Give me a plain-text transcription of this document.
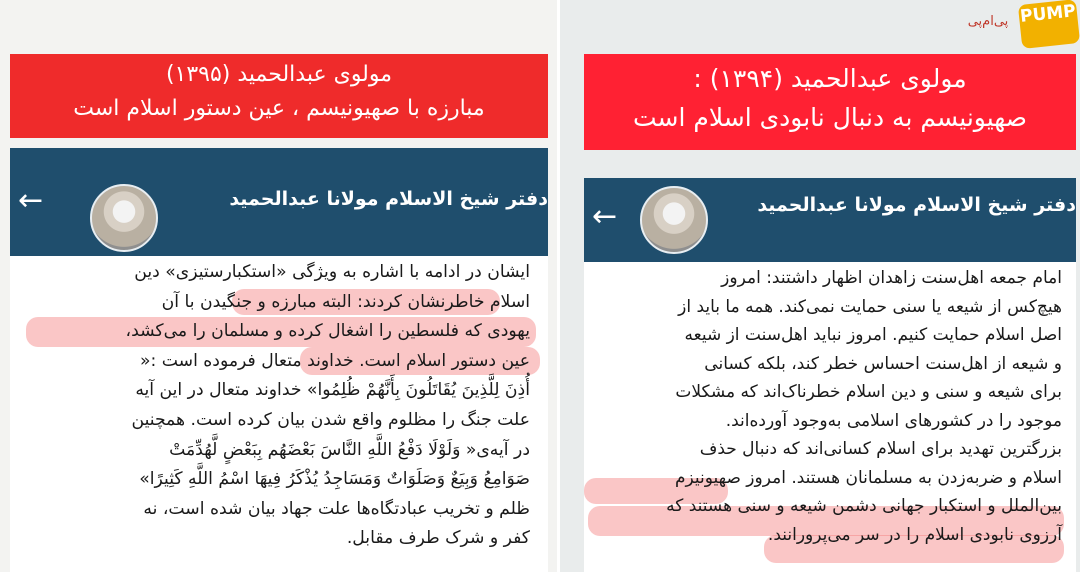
مولوی عبدالحمید (۱۳۹۵)
مبارزه با صهیونیسم ، عین دستور اسلام است
←	دفتر شیخ الاسلام مولانا عبدالحمید
ایشان در ادامه با اشاره به ویژگی «استکبارستیزی» دین
اسلام خاطرنشان کردند: البته مبارزه و جنگیدن با آن
یهودی که فلسطین را اشغال کرده و مسلمان را می‌کشد،
عین دستور اسلام است. خداوند متعال فرموده است :«
أُذِنَ لِلَّذِینَ یُقَاتَلُونَ بِأَنَّهُمْ ظُلِمُوا» خداوند متعال در این آیه
علت جنگ را مظلوم واقع شدن بیان کرده است. همچنین
در آیه‌ی« وَلَوْلَا دَفْعُ اللَّهِ النَّاسَ بَعْضَهُم بِبَعْضٍ لَّهُدِّمَتْ
صَوَامِعُ وَبِیَعٌ وَصَلَوَاتٌ وَمَسَاجِدُ یُذْکَرُ فِیهَا اسْمُ اللَّهِ کَثِیرًا»
ظلم و تخریب عبادتگاه‌ها علت جهاد بیان شده است، نه
کفر و شرک طرف مقابل.
مولوی عبدالحمید (۱۳۹۴) :
صهیونیسم به دنبال نابودی اسلام است
←	دفتر شیخ الاسلام مولانا عبدالحمید
امام جمعه اهل‌سنت زاهدان اظهار داشتند: امروز
هیچ‌کس از شیعه یا سنی حمایت نمی‌کند. همه ما باید از
اصل اسلام حمایت کنیم. امروز نباید اهل‌سنت از شیعه
و شیعه از اهل‌سنت احساس خطر کند، بلکه کسانی
برای شیعه و سنی و دین اسلام خطرناک‌اند که مشکلات
موجود را در کشورهای اسلامی به‌وجود آورده‌اند.
بزرگترین تهدید برای اسلام کسانی‌اند که دنبال حذف
اسلام و ضربه‌زدن به مسلمانان هستند. امروز صهیونیزم
بین‌الملل و استکبار جهانی دشمن شیعه و سنی هستند که
آرزوی نابودی اسلام را در سر می‌پرورانند.
پی‌ام‌پی PUMP
